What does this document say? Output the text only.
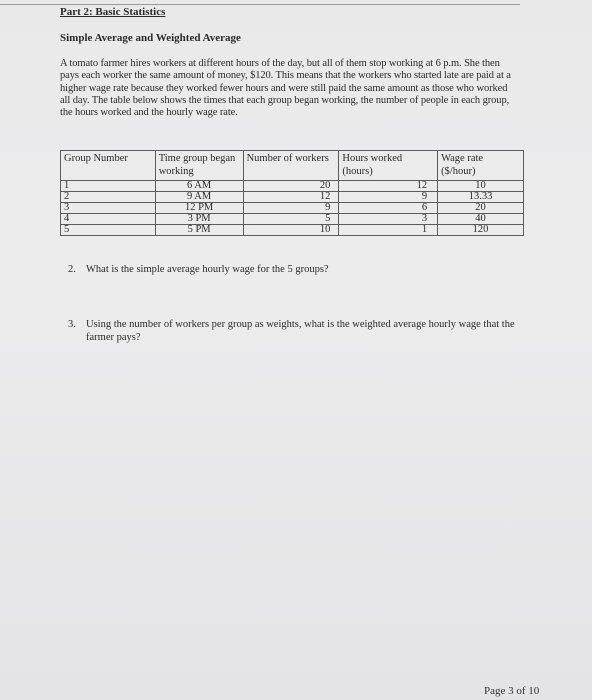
Part 2: Basic Statistics
Simple Average and Weighted Average
A tomato farmer hires workers at different hours of the day, but all of them stop working at 6 p.m. She then pays each worker the same amount of money, $120. This means that the workers who started late are paid at a higher wage rate because they worked fewer hours and were still paid the same amount as those who worked all day. The table below shows the times that each group began working, the number of people in each group, the hours worked and the hourly wage rate.
Group Number	Time group began working	Number of workers	Hours worked (hours)	Wage rate ($/hour)
1	6 AM	20	12	10
2	9 AM	12	9	13.33
3	12 PM	9	6	20
4	3 PM	5	3	40
5	5 PM	10	1	120
2. What is the simple average hourly wage for the 5 groups?
3. Using the number of workers per group as weights, what is the weighted average hourly wage that the farmer pays?
Page 3 of 10
